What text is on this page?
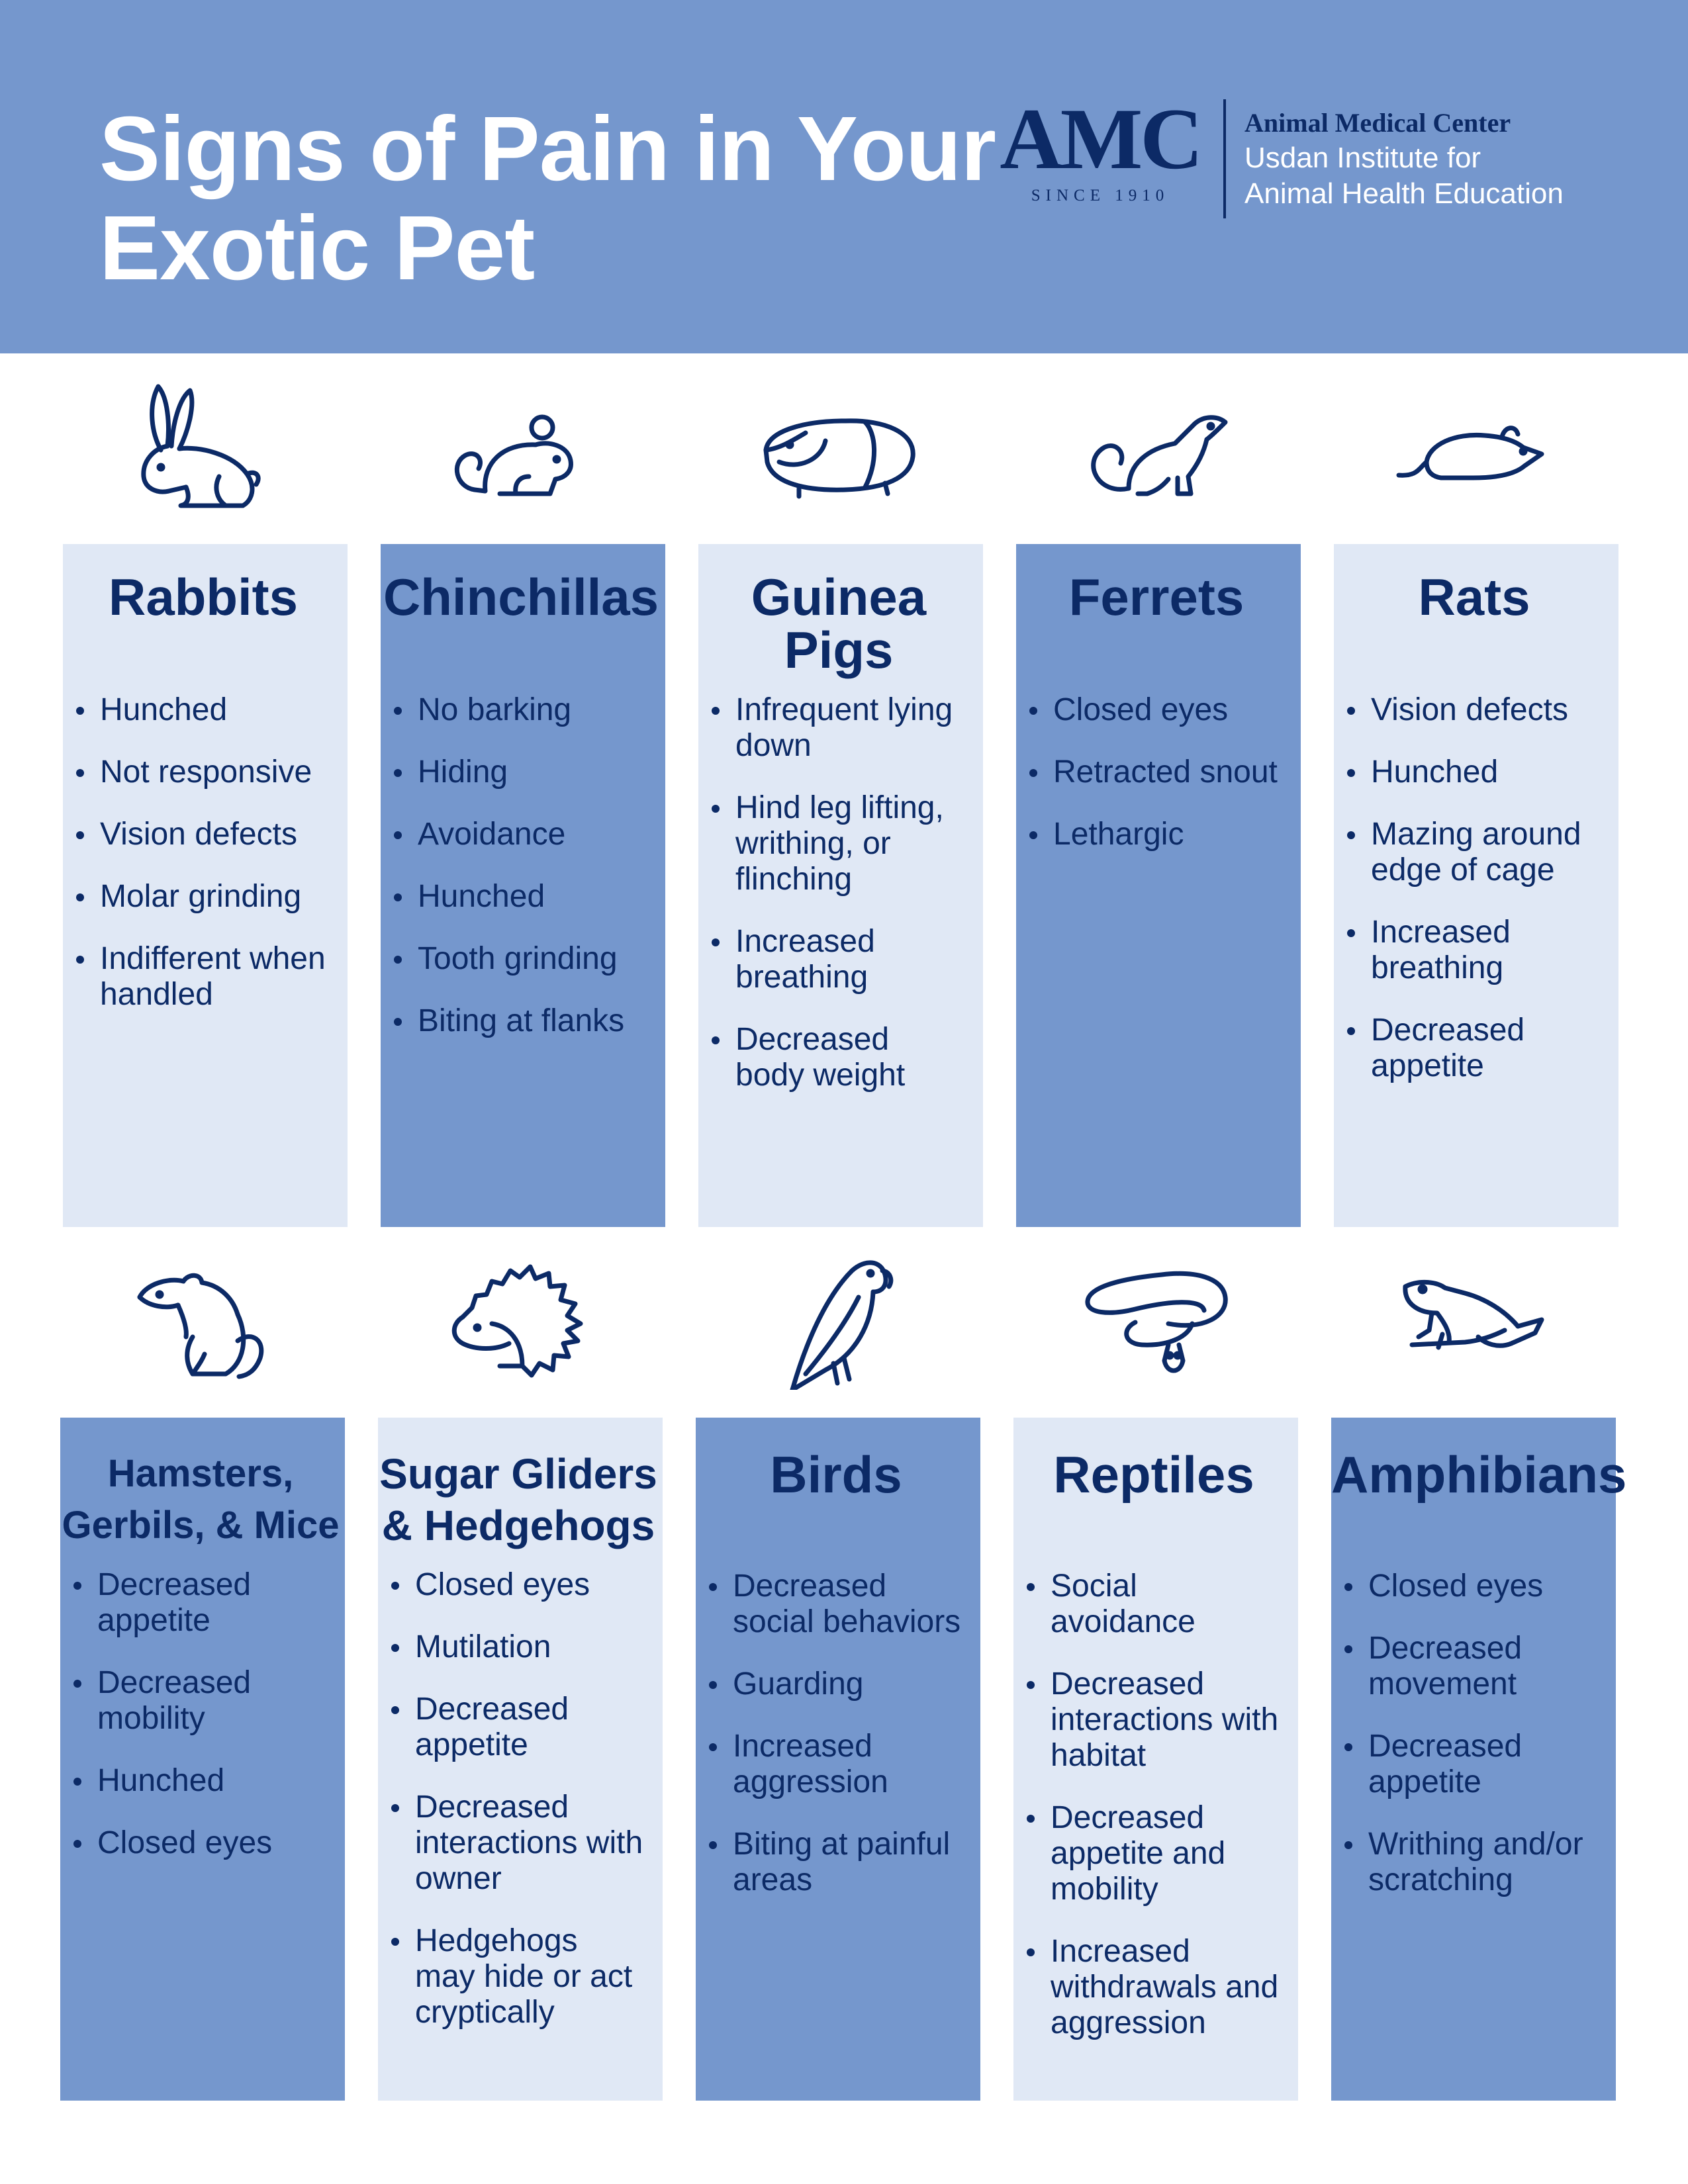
Signs of Pain in Your
Exotic Pet
AMC
SINCE 1910
Animal Medical Center
Usdan Institute for
Animal Health Education
Rabbits
Hunched
Not responsive
Vision defects
Molar grinding
Indifferent when handled
Chinchillas
No barking
Hiding
Avoidance
Hunched
Tooth grinding
Biting at flanks
Guinea
Pigs
Infrequent lying down
Hind leg lifting, writhing, or flinching
Increased breathing
Decreased body weight
Ferrets
Closed eyes
Retracted snout
Lethargic
Rats
Vision defects
Hunched
Mazing around edge of cage
Increased breathing
Decreased appetite
Hamsters,
Gerbils, & Mice
Decreased appetite
Decreased mobility
Hunched
Closed eyes
Sugar Gliders
& Hedgehogs
Closed eyes
Mutilation
Decreased appetite
Decreased interactions with owner
Hedgehogs may hide or act cryptically
Birds
Decreased social behaviors
Guarding
Increased aggression
Biting at painful areas
Reptiles
Social avoidance
Decreased interactions with habitat
Decreased appetite and mobility
Increased withdrawals and aggression
Amphibians
Closed eyes
Decreased movement
Decreased appetite
Writhing and/or scratching
